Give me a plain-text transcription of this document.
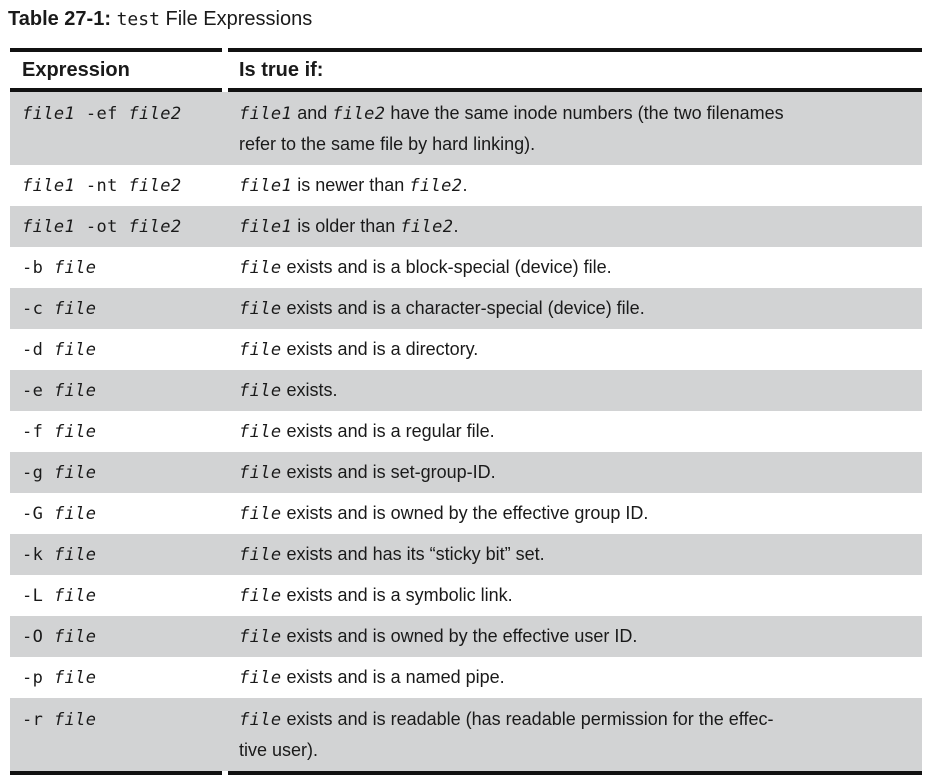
Table 27-1: test File Expressions
Expression	Is true if:
file1 -ef file2	file1 and file2 have the same inode numbers (the two filenames
refer to the same file by hard linking).
file1 -nt file2	file1 is newer than file2.
file1 -ot file2	file1 is older than file2.
-b file	file exists and is a block-special (device) file.
-c file	file exists and is a character-special (device) file.
-d file	file exists and is a directory.
-e file	file exists.
-f file	file exists and is a regular file.
-g file	file exists and is set-group-ID.
-G file	file exists and is owned by the effective group ID.
-k file	file exists and has its “sticky bit” set.
-L file	file exists and is a symbolic link.
-O file	file exists and is owned by the effective user ID.
-p file	file exists and is a named pipe.
-r file	file exists and is readable (has readable permission for the effec-
tive user).
